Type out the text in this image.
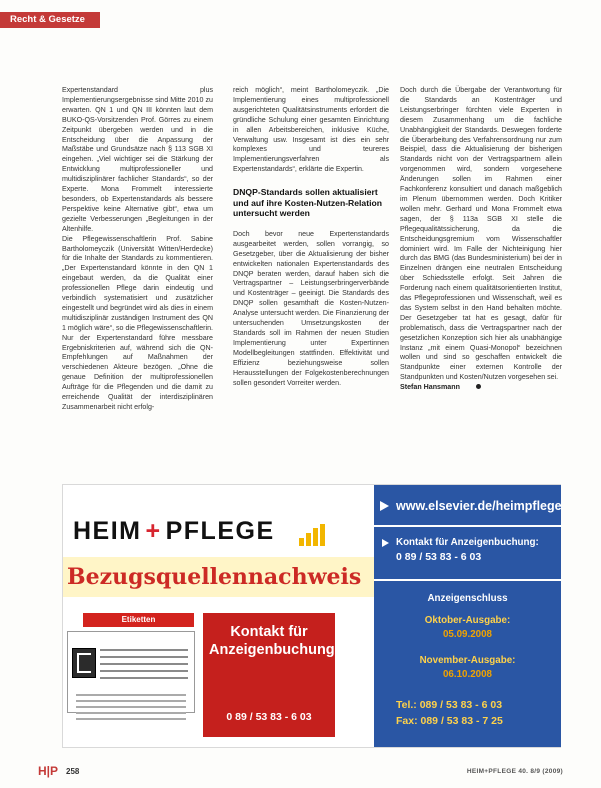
Recht & Gesetze

Expertenstandard plus Implementierungsergebnisse sind Mitte 2010 zu erwarten. QN 1 und QN III könnten laut dem BUKO-QS-Vorsitzenden Prof. Görres zu einem Zeitpunkt übergeben werden und in die Entscheidung über die Anpassung der Maßstäbe und Grundsätze nach § 113 SGB XI eingehen. „Viel wichtiger sei die Stärkung der Entwicklung multiprofessioneller und multidisziplinärer fachlicher Standards“, so der Experte. Mona Frommelt interessierte besonders, ob Expertenstandards als bessere Perspektive keine Alternative gibt“, etwa um gezielte Verbesserungen „Begleitungen in der Altenhilfe.

Die Pflegewissenschaftlerin Prof. Sabine Bartholomeyczik (Universität Witten/Herdecke) für die Inhalte der Standards zu kommentieren. „Der Expertenstandard könnte in den QN 1 eingebaut werden, da die Qualität einer professionellen Pflege darin eindeutig und verbindlich systematisiert und zusätzlicher eingestellt und begründet wird als dies in einem multidisziplinär zuständigen Instrument des QN 1 möglich wäre“, so die Pflegewissenschaftlerin. Nur der Expertenstandard führe messbare Ergebniskriterien auf, während sich die QN-Empfehlungen auf Maßnahmen der verschiedenen Akteure bezögen. „Ohne die genaue Definition der multiprofessionellen Aufträge für die Pflegenden und die damit zu erreichende Qualität der interdisziplinären Zusammenarbeit nicht erfolg-

reich möglich“, meint Bartholomeyczik. „Die Implementierung eines multiprofessionell ausgerichteten Qualitätsinstruments erfordert die gründliche Schulung einer gesamten Einrichtung in allen Arbeitsbereichen, inklusive Küche, Verwaltung usw. Insgesamt ist dies ein sehr komplexes und teureres Implementierungsverfahren als Expertenstandards“, erklärte die Expertin.

DNQP-Standards sollen aktualisiert und auf ihre Kosten-Nutzen-Relation untersucht werden

Doch bevor neue Expertenstandards ausgearbeitet werden, sollen vorrangig, so Gesetzgeber, über die Aktualisierung der bisher entwickelten nationalen Expertenstandards des DNQP beraten werden, darauf haben sich die Vertragspartner – Leistungserbringerverbände und Kostenträger – geeinigt. Die Standards des DNQP sollen gesamthaft die Kosten-Nutzen-Analyse untersucht werden. Die Finanzierung der untersuchenden Umsetzungskosten der Standards soll im Rahmen der neuen Studien Implementierung unter Expertinnen Modellbegleitungen stattfinden. Effektivität und Effizienz beziehungsweise sollen Herausstellungen der Folgekostenberechnungen sollen gesondert Vorreiter werden.

Doch durch die Übergabe der Verantwortung für die Standards an Kostenträger und Leistungserbringer fürchten viele Experten in diesem Zusammenhang um die fachliche Unabhängigkeit der Standards. Deswegen forderte die Überarbeitung des Verfahrensordnung nur zum Beispiel, dass die Aktualisierung der bisherigen Standards nicht von der Vertragspartnern allein vorgenommen wird, sondern vorgesehene Änderungen sollen im Rahmen einer Fachkonferenz konsultiert und danach maßgeblich im Plenum übernommen werden. Doch Kritiker wollen mehr. Gerhard und Mona Frommelt etwa sagen, der § 113a SGB XI stelle die Pflegequalitätssicherung, da die Entscheidungsgremium vom Wissenschaftler dominiert wird. Im Falle der Nichteinigung hier durch das BMG (das Bundesministerium) bei der in Einzelnen drängen eine neutralen Entscheidung über Schiedsstelle erfolgt. Seit Jahren die Forderung nach einem qualitätsorientierten Institut, das Pflegeprofessionen und Wissenschaft, weil es das System selbst in den Hand behalten möchte. Der Gesetzgeber tat hat es gesagt, dafür für problematisch, dass die Vertragspartner nach der gesetzlichen Konzeption sich hier als unabhängige Instanz „mit einem Quasi-Monopol“ bezeichnen wollen und sind so geschaffen entwickelt die Standpunkte einer externen Kontrolle der Standpunkten und Kosten/Nutzen vorgesehen sei.

Stefan Hansmann

HEIM + PFLEGE
Bezugsquellennachweis
Etiketten
Kontakt für Anzeigenbuchung:
0 89 / 53 83 - 6 03
www.elsevier.de/heimpflege
Kontakt für Anzeigenbuchung:
0 89 / 53 83 - 6 03
Anzeigenschluss
Oktober-Ausgabe:
05.09.2008
November-Ausgabe:
06.10.2008
Tel.: 089 / 53 83 - 6 03
Fax: 089 / 53 83 - 7 25
H|P 258	HEIM+PFLEGE 40. 8/9 (2009)
